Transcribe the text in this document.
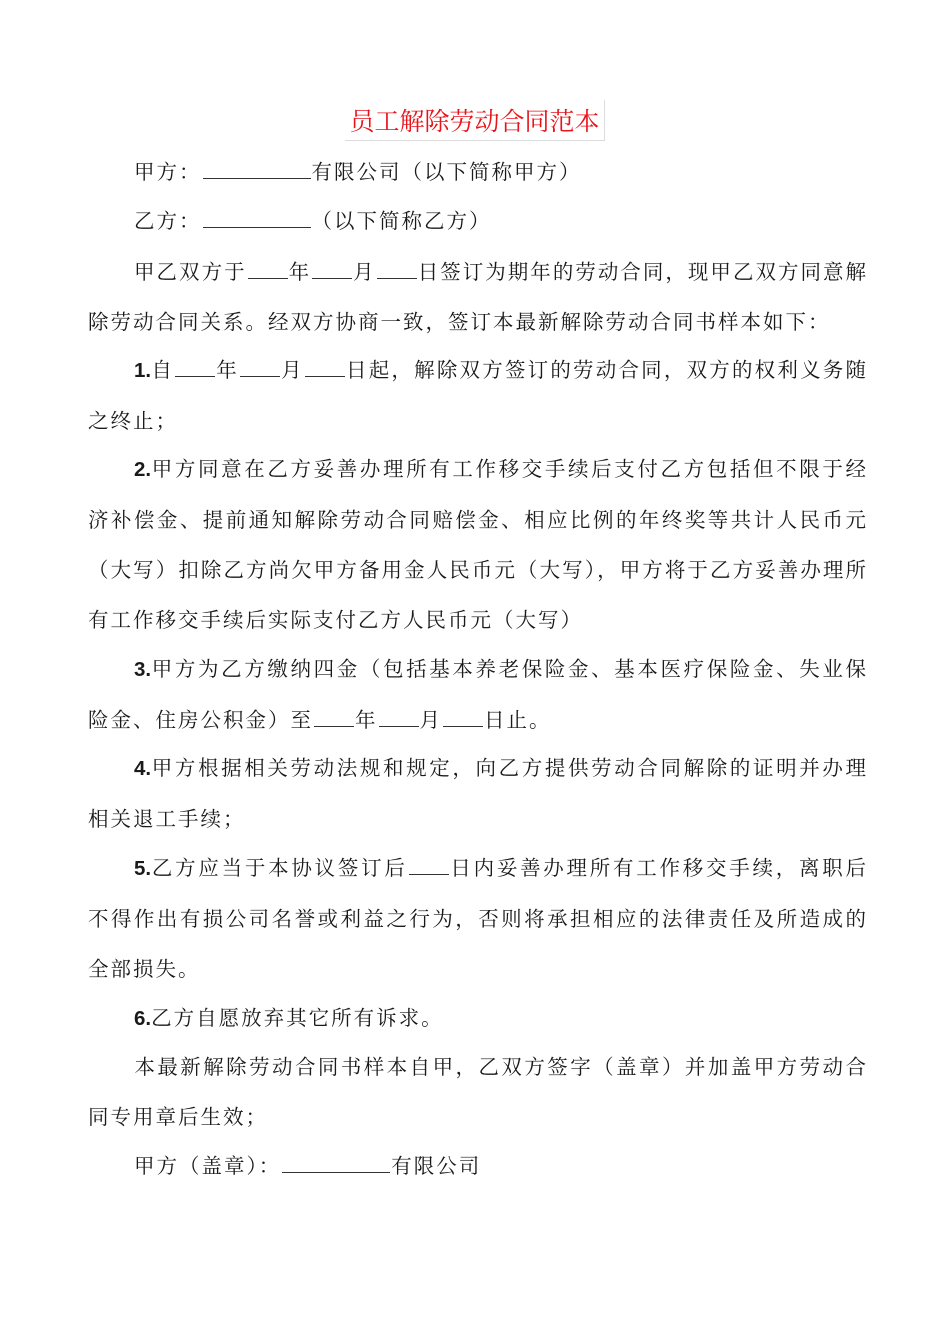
员工解除劳动合同范本

甲方：	有限公司（以下简称甲方）

乙方：	（以下简称乙方）

甲乙双方于 年 月 日签订为期年的劳动合同，现甲乙双方同意解除劳动合同关系。经双方协商一致，签订本最新解除劳动合同书样本如下：

1.自 年 月 日起，解除双方签订的劳动合同，双方的权利义务随之终止；

2.甲方同意在乙方妥善办理所有工作移交手续后支付乙方包括但不限于经济补偿金、提前通知解除劳动合同赔偿金、相应比例的年终奖等共计人民币元（大写）扣除乙方尚欠甲方备用金人民币元（大写），甲方将于乙方妥善办理所有工作移交手续后实际支付乙方人民币元（大写）

3.甲方为乙方缴纳四金（包括基本养老保险金、基本医疗保险金、失业保险金、住房公积金）至 年 月 日止。

4.甲方根据相关劳动法规和规定，向乙方提供劳动合同解除的证明并办理相关退工手续；

5.乙方应当于本协议签订后 日内妥善办理所有工作移交手续，离职后不得作出有损公司名誉或利益之行为，否则将承担相应的法律责任及所造成的全部损失。

6.乙方自愿放弃其它所有诉求。

本最新解除劳动合同书样本自甲，乙双方签字（盖章）并加盖甲方劳动合同专用章后生效；

甲方（盖章）：	有限公司
